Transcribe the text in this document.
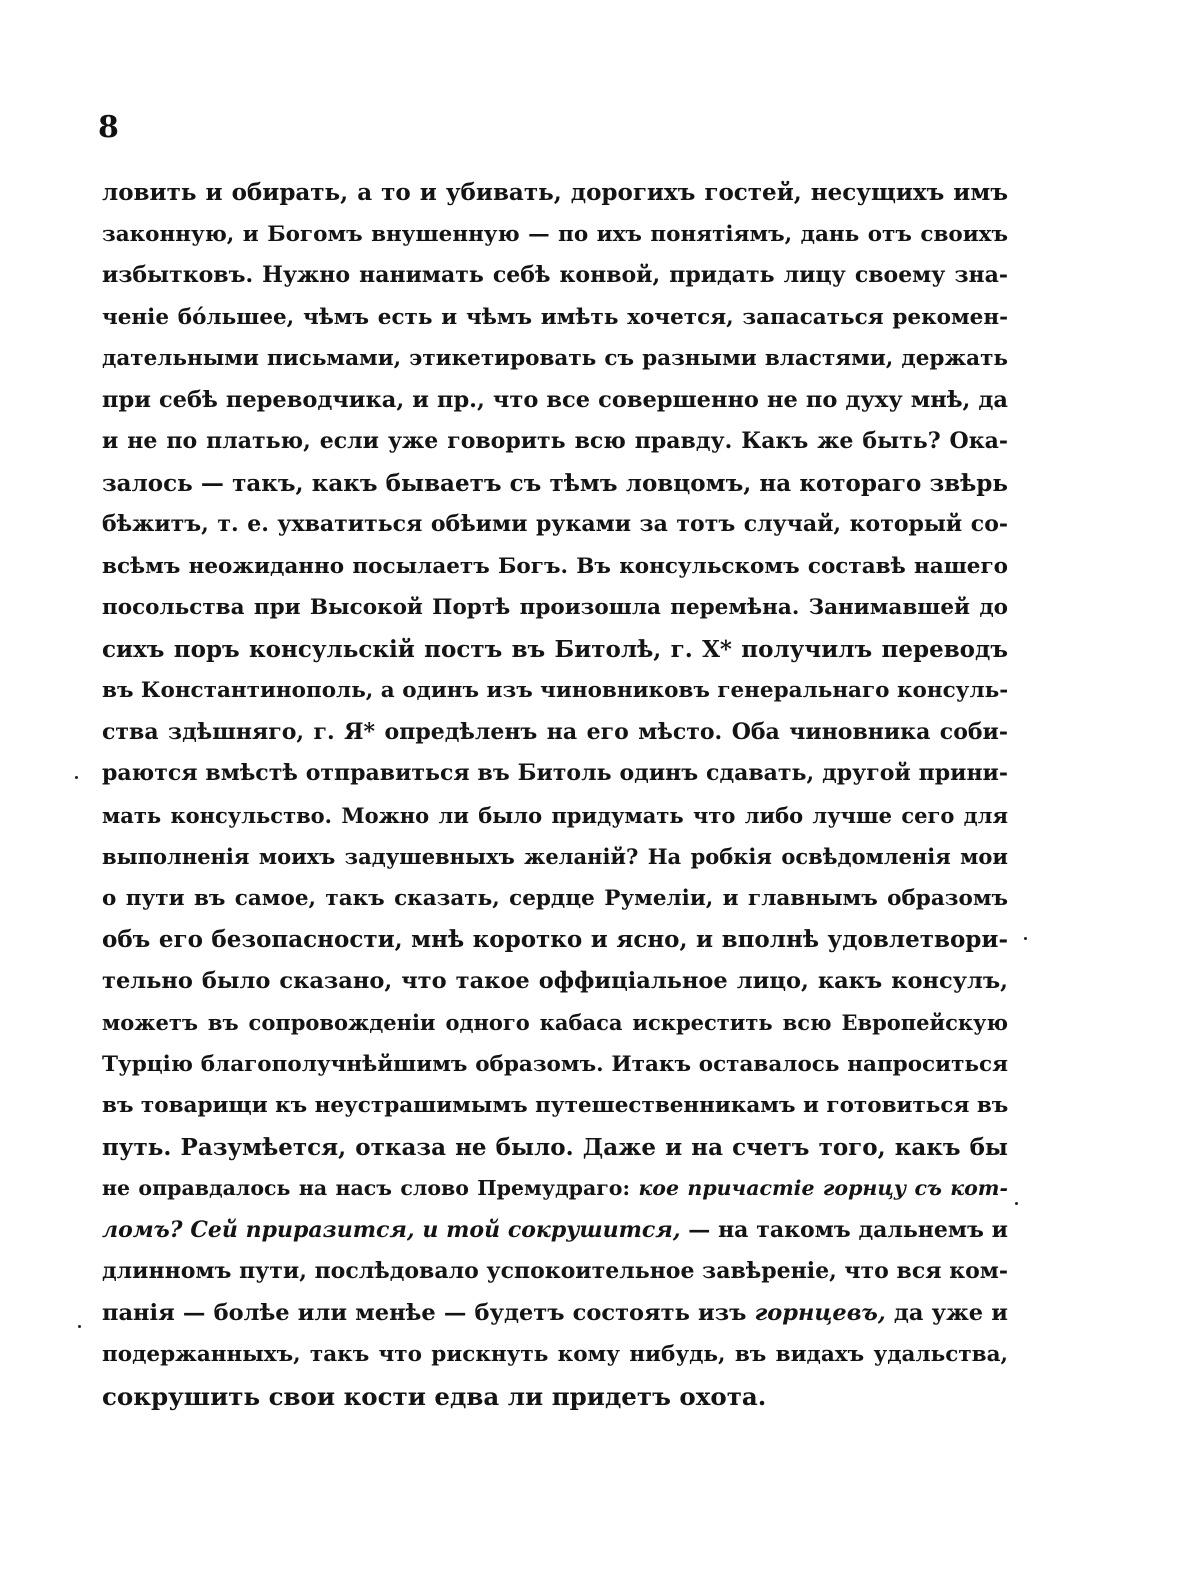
8
ловить и обирать, а то и убивать, дорогихъ гостей, несущихъ имъ
законную, и Богомъ внушенную — по ихъ понятіямъ, дань отъ своихъ
избытковъ. Нужно нанимать себѣ конвой, придать лицу своему зна-
ченіе бо́льшее, чѣмъ есть и чѣмъ имѣть хочется, запасаться рекомен-
дательными письмами, этикетировать съ разными властями, держать
при себѣ переводчика, и пр., что все совершенно не по духу мнѣ, да
и не по платью, если уже говорить всю правду. Какъ же быть? Ока-
залось — такъ, какъ бываетъ съ тѣмъ ловцомъ, на котораго звѣрь
бѣжитъ, т. е. ухватиться обѣими руками за тотъ случай, который со-
всѣмъ неожиданно посылаетъ Богъ. Въ консульскомъ составѣ нашего
посольства при Высокой Портѣ произошла перемѣна. Занимавшей до
сихъ поръ консульскій постъ въ Битолѣ, г. Х* получилъ переводъ
въ Константинополь, а одинъ изъ чиновниковъ генеральнаго консуль-
ства здѣшняго, г. Я* опредѣленъ на его мѣсто. Оба чиновника соби-
раются вмѣстѣ отправиться въ Битоль одинъ сдавать, другой прини-
мать консульство. Можно ли было придумать что либо лучше сего для
выполненія моихъ задушевныхъ желаній? На робкія освѣдомленія мои
о пути въ самое, такъ сказать, сердце Румеліи, и главнымъ образомъ
объ его безопасности, мнѣ коротко и ясно, и вполнѣ удовлетвори-
тельно было сказано, что такое оффиціальное лицо, какъ консулъ,
можетъ въ сопровожденіи одного кабаса искрестить всю Европейскую
Турцію благополучнѣйшимъ образомъ. Итакъ оставалось напроситься
въ товарищи къ неустрашимымъ путешественникамъ и готовиться въ
путь. Разумѣется, отказа не было. Даже и на счетъ того, какъ бы
не оправдалось на насъ слово Премудраго: кое причастіе горнцу съ кот-
ломъ? Сей приразится, и той сокрушится, — на такомъ дальнемъ и
длинномъ пути, послѣдовало успокоительное завѣреніе, что вся ком-
панія — болѣе или менѣе — будетъ состоять изъ горнцевъ, да уже и
подержанныхъ, такъ что рискнуть кому нибудь, въ видахъ удальства,
сокрушить свои кости едва ли придетъ охота.
